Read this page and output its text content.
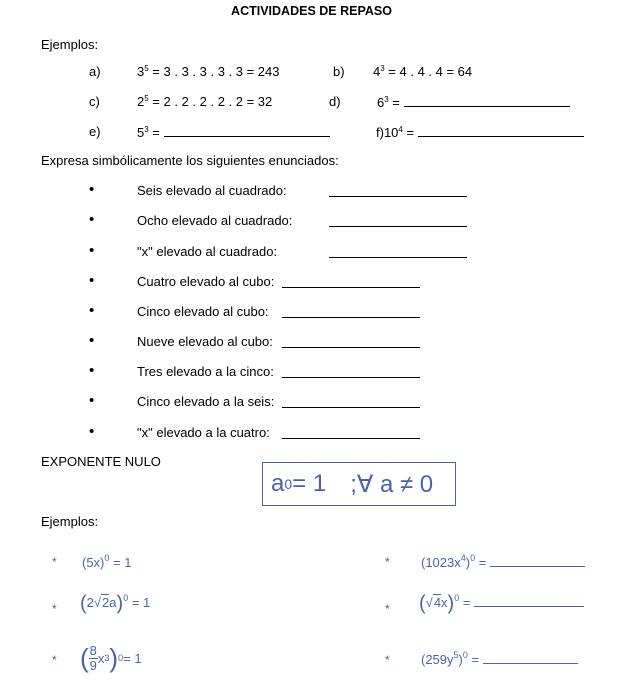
ACTIVIDADES DE REPASO
Ejemplos:
a)	$3^5 = 3$ . 3 . 3 . 3 . 3 = 243	b) $4^3 = 4$ . 4 . 4 = 64
c)	$2^5 = 2$ . 2 . 2 . 2 . 2 = 32	d)	$6^3$ =
e)	$5^3$ =	$f)10^4$ =
Expresa simbólicamente los siguientes enunciados:
•	Seis elevado al cuadrado:
•	Ocho elevado al cuadrado:
•	"x" elevado al cuadrado:
•	Cuatro elevado al cubo:
•	Cinco elevado al cubo:
•	Nueve elevado al cubo:
•	Tres elevado a la cinco:
•	Cinco elevado a la seis:
•	"x" elevado a la cuatro:
EXPONENTE NULO
a 0 = 1 ;∀ a ≠ 0
Ejemplos:
* $(5x)^0 = 1$	* $(1023x^4)^0$ =
* $(2√2a)^0 = 1$	* $(√4x)^0$ =
* ( $\frac{8}{9}$ x 3 ) 0 = 1	* $(259y^5)^0$ =
